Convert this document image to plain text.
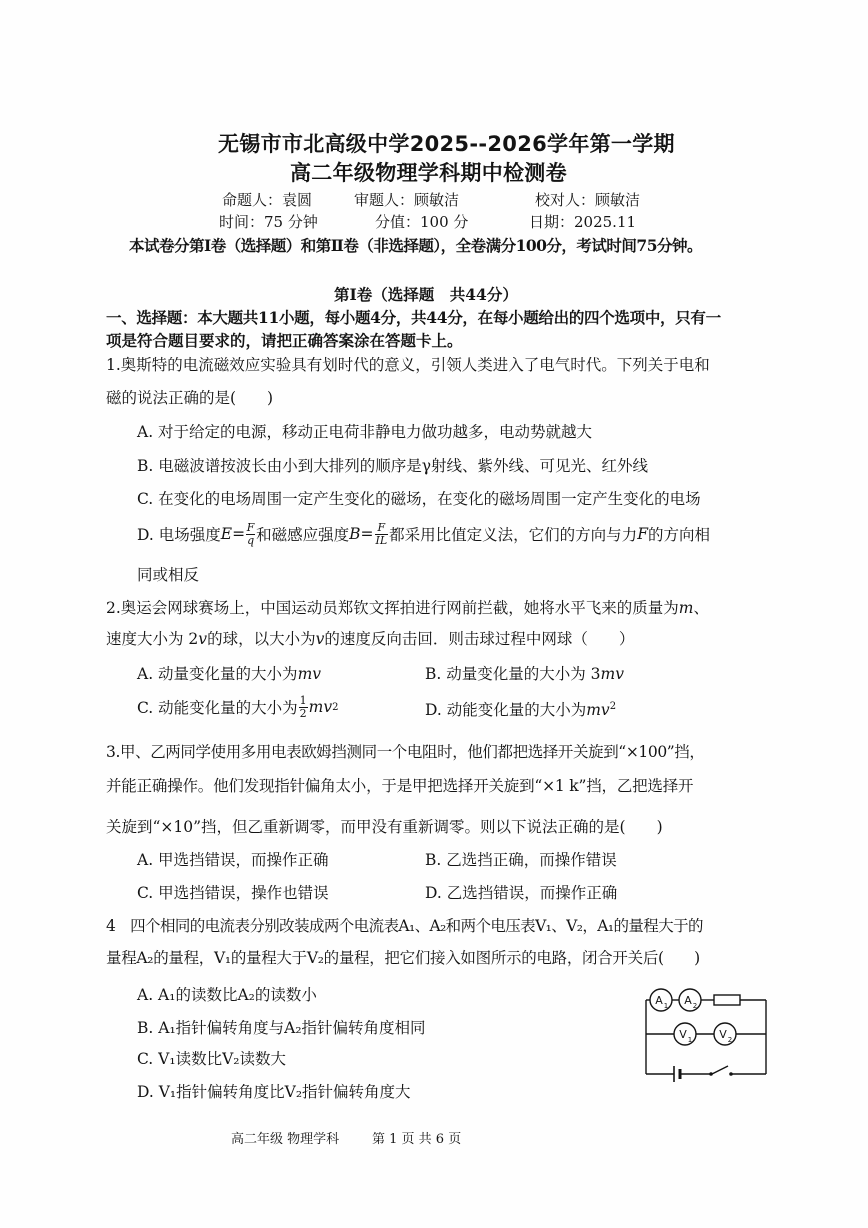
无锡市市北高级中学2025--2026学年第一学期
高二年级物理学科期中检测卷
命题人：袁圆	审题人：顾敏洁	校对人：顾敏洁
时间：75 分钟	分值：100 分	日期：2025.11
本试卷分第Ⅰ卷（选择题）和第Ⅱ卷（非选择题），全卷满分100分，考试时间75分钟。
第Ⅰ卷（选择题　共44分）
一、选择题：本大题共11小题，每小题4分，共44分，在每小题给出的四个选项中，只有一
项是符合题目要求的，请把正确答案涂在答题卡上。
1.奥斯特的电流磁效应实验具有划时代的意义，引领人类进入了电气时代。下列关于电和
磁的说法正确的是(　　)
A. 对于给定的电源，移动正电荷非静电力做功越多，电动势就越大
B. 电磁波谱按波长由小到大排列的顺序是γ射线、紫外线、可见光、红外线
C. 在变化的电场周围一定产生变化的磁场，在变化的磁场周围一定产生变化的电场
D. 电场强度 $E = \frac{F}{q}$ 和磁感应强度 $B = \frac{F}{IL}$ 都采用比值定义法，它们的方向与力 F 的方向相
同或相反
2.奥运会网球赛场上，中国运动员郑钦文挥拍进行网前拦截，她将水平飞来的质量为m、
速度大小为 2v的球，以大小为v的速度反向击回．则击球过程中网球（　　）
A. 动量变化量的大小为mv	B. 动量变化量的大小为 3mv
C. 动能变化量的大小为 $\frac{1}{2}$ mv 2	D. 动能变化量的大小为$mv^2$
3.甲、乙两同学使用多用电表欧姆挡测同一个电阻时，他们都把选择开关旋到“×100”挡，
并能正确操作。他们发现指针偏角太小，于是甲把选择开关旋到“×1 k”挡，乙把选择开
关旋到“×10”挡，但乙重新调零，而甲没有重新调零。则以下说法正确的是(　　)
A. 甲选挡错误，而操作正确	B. 乙选挡正确，而操作错误
C. 甲选挡错误，操作也错误	D. 乙选挡错误，而操作正确
4　四个相同的电流表分别改装成两个电流表A₁、A₂和两个电压表V₁、V₂，A₁的量程大于的
量程A₂的量程，V₁的量程大于V₂的量程，把它们接入如图所示的电路，闭合开关后(　　)
A. A₁的读数比A₂的读数小
B. A₁指针偏转角度与A₂指针偏转角度相同
C. V₁读数比V₂读数大
D. V₁指针偏转角度比V₂指针偏转角度大
A 1 A 2
V 1 V 2
高二年级 物理学科	第 1 页 共 6 页
